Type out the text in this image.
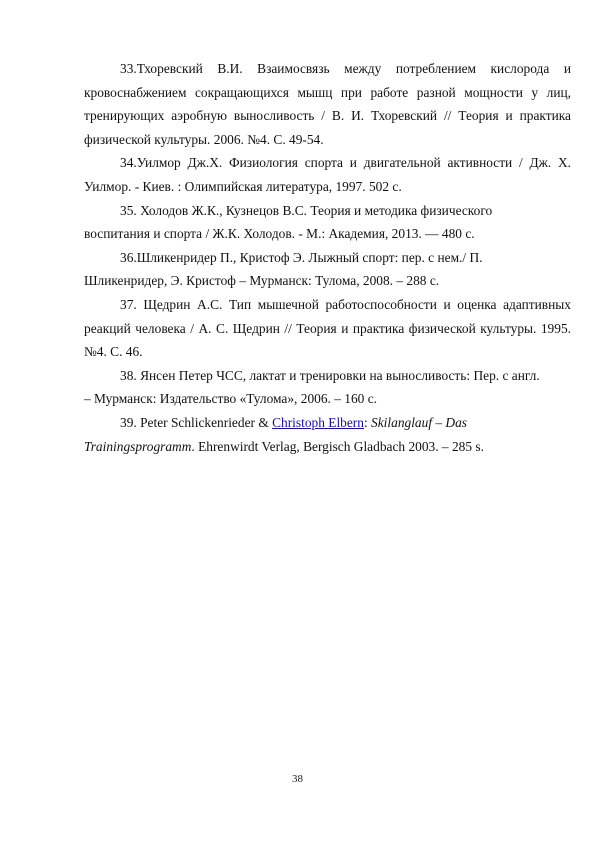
33.Тхоревский В.И. Взаимосвязь между потреблением кислорода и кровоснабжением сокращающихся мышц при работе разной мощности у лиц, тренирующих аэробную выносливость / В. И. Тхоревский // Теория и практика физической культуры. 2006. №4. С. 49-54.

34.Уилмор Дж.Х. Физиология спорта и двигательной активности / Дж. Х. Уилмор. - Киев. : Олимпийская литература, 1997. 502 с.

35. Холодов Ж.К., Кузнецов В.С. Теория и методика физического
воспитания и спорта / Ж.К. Холодов. - М.: Академия, 2013. — 480 с.

36.Шликенридер П., Кристоф Э. Лыжный спорт: пер. с нем./ П.
Шликенридер, Э. Кристоф – Мурманск: Тулома, 2008. – 288 с.

37. Щедрин А.С. Тип мышечной работоспособности и оценка адаптивных реакций человека / А. С. Щедрин // Теория и практика физической культуры. 1995. №4. С. 46.

38. Янсен Петер ЧСС, лактат и тренировки на выносливость: Пер. с англ.
– Мурманск: Издательство «Тулома», 2006. – 160 с.

39. Peter Schlickenrieder & Christoph Elbern: Skilanglauf – Das
Trainingsprogramm. Ehrenwirdt Verlag, Bergisch Gladbach 2003. – 285 s.

38
